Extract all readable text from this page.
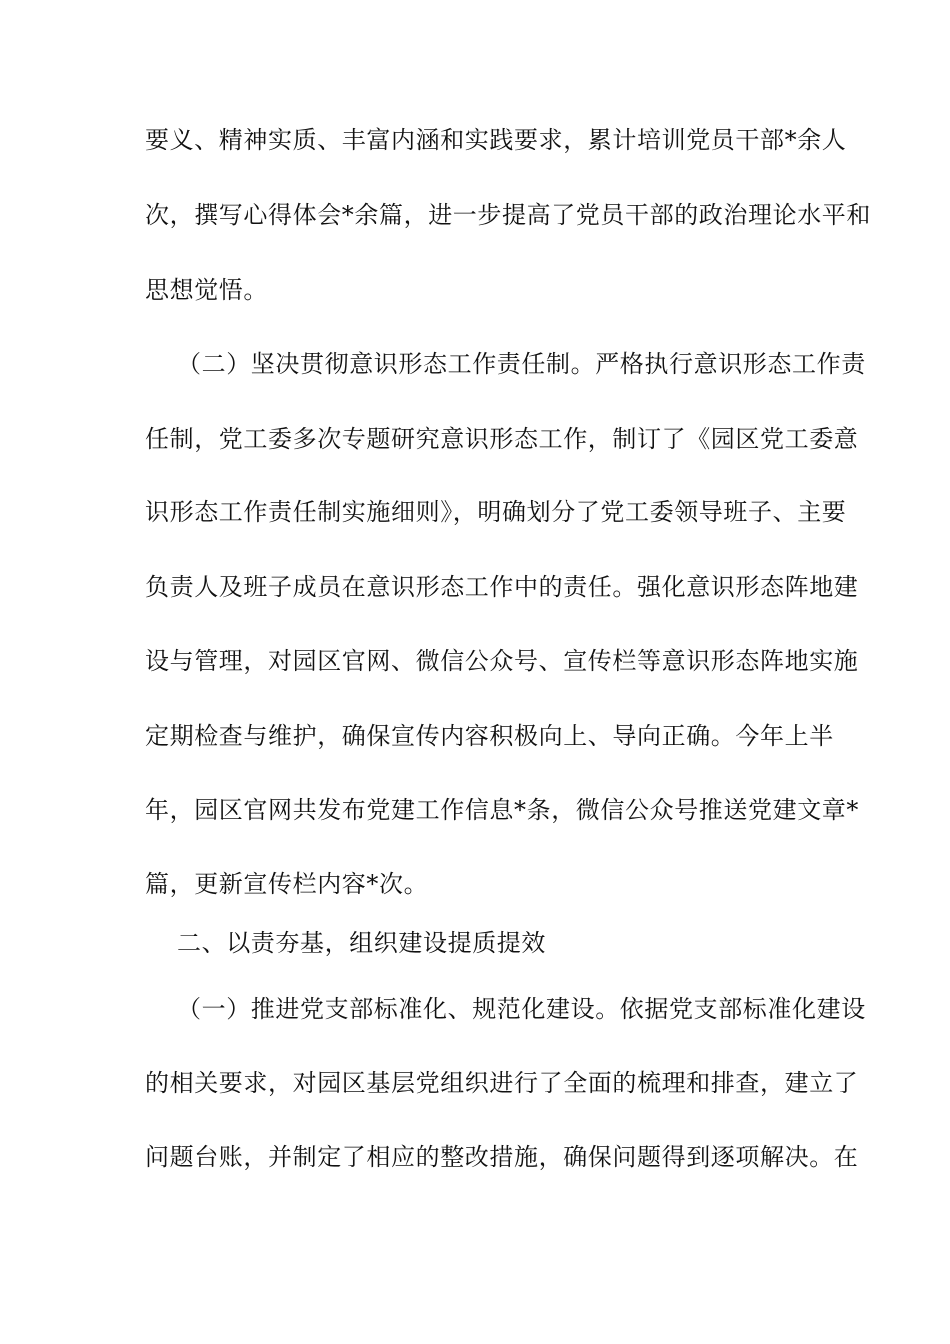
要义、精神实质、丰富内涵和实践要求，累计培训党员干部*余人
次，撰写心得体会*余篇，进一步提高了党员干部的政治理论水平和
思想觉悟。
（二）坚决贯彻意识形态工作责任制。严格执行意识形态工作责
任制，党工委多次专题研究意识形态工作，制订了《园区党工委意
识形态工作责任制实施细则》，明确划分了党工委领导班子、主要
负责人及班子成员在意识形态工作中的责任。强化意识形态阵地建
设与管理，对园区官网、微信公众号、宣传栏等意识形态阵地实施
定期检查与维护，确保宣传内容积极向上、导向正确。今年上半
年，园区官网共发布党建工作信息*条，微信公众号推送党建文章*
篇，更新宣传栏内容*次。
二、以责夯基，组织建设提质提效
（一）推进党支部标准化、规范化建设。依据党支部标准化建设
的相关要求，对园区基层党组织进行了全面的梳理和排查，建立了
问题台账，并制定了相应的整改措施，确保问题得到逐项解决。在
